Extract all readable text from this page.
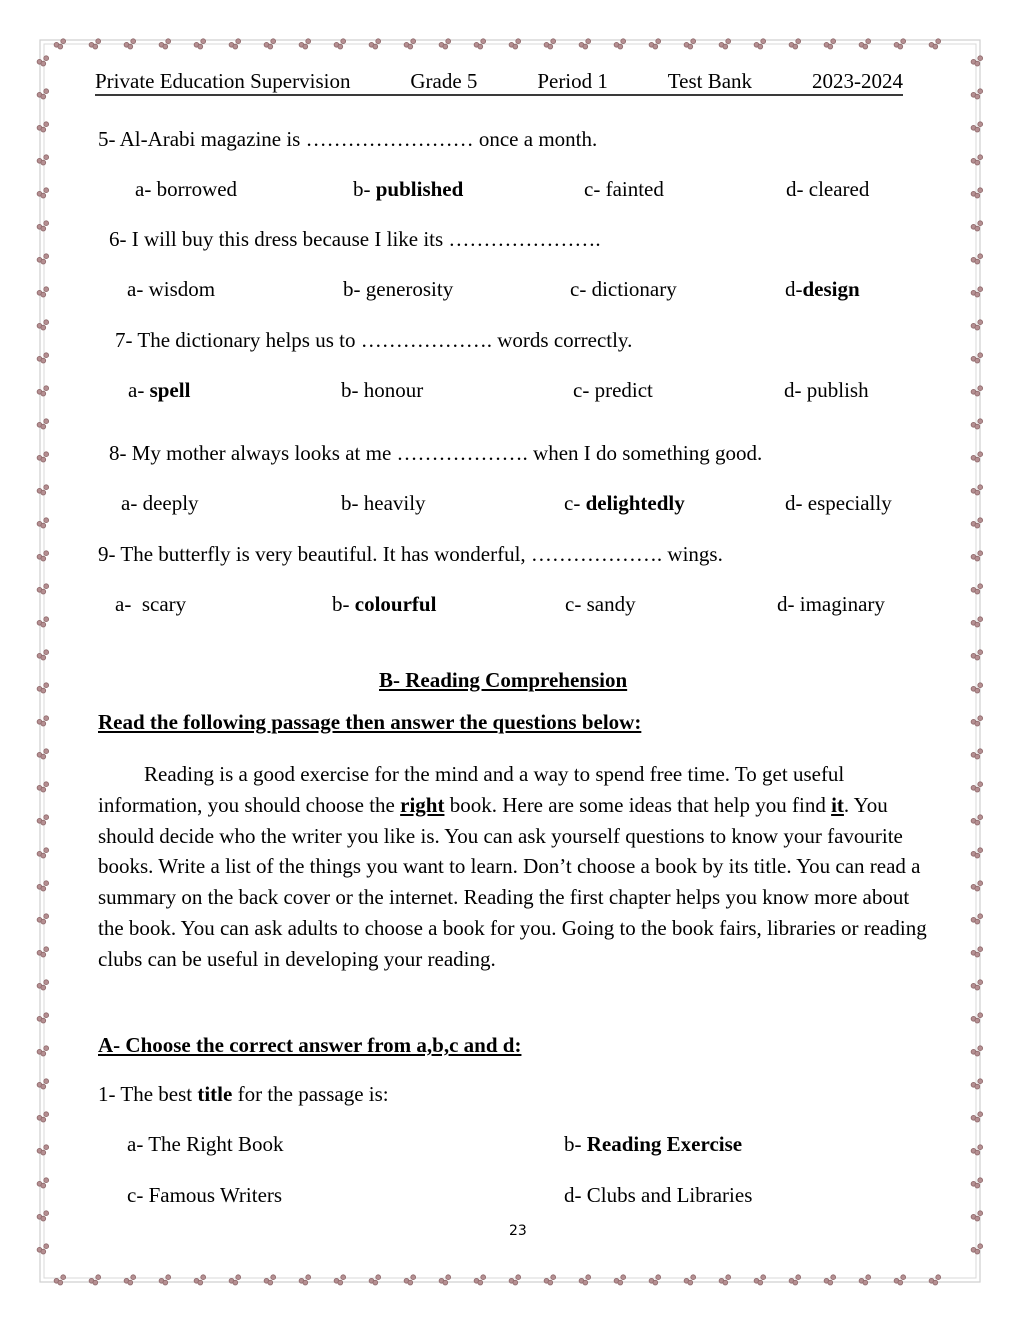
Private Education Supervision	Grade 5	Period 1	Test Bank	2023-2024
5- Al-Arabi magazine is …………………… once a month.
a- borrowed	b- published	c- fainted	d- cleared
6- I will buy this dress because I like its ………………….
a- wisdom	b- generosity	c- dictionary	d-design
7- The dictionary helps us to ………………. words correctly.
a- spell	b- honour	c- predict	d- publish
8- My mother always looks at me ………………. when I do something good.
a- deeply	b- heavily	c- delightedly	d- especially
9- The butterfly is very beautiful. It has wonderful, ………………. wings.
a-  scary	b- colourful	c- sandy	d- imaginary
B- Reading Comprehension
Read the following passage then answer the questions below:

Reading is a good exercise for the mind and a way to spend free time. To get useful information, you should choose the right book. Here are some ideas that help you find it. You should decide who the writer you like is. You can ask yourself questions to know your favourite books. Write a list of the things you want to learn. Don’t choose a book by its title. You can read a summary on the back cover or the internet. Reading the first chapter helps you know more about the book. You can ask adults to choose a book for you. Going to the book fairs, libraries or reading clubs can be useful in developing your reading.

A- Choose the correct answer from a,b,c and d:
1- The best title for the passage is:
a- The Right Book	b- Reading Exercise
c- Famous Writers	d- Clubs and Libraries
23
